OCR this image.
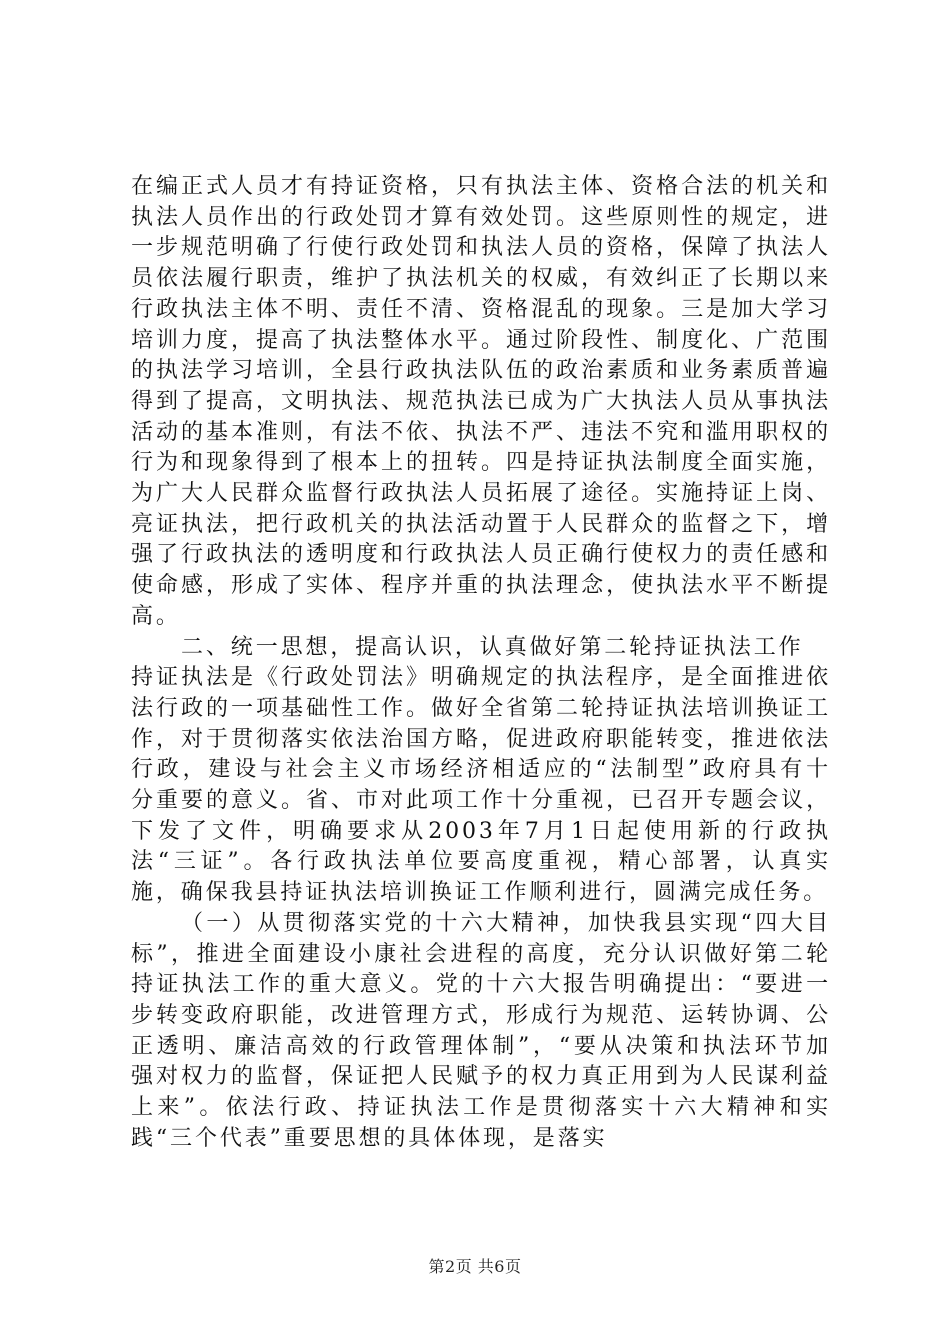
在编正式人员才有持证资格，只有执法主体、资格合法的机关和执法人员作出的行政处罚才算有效处罚。这些原则性的规定，进一步规范明确了行使行政处罚和执法人员的资格，保障了执法人员依法履行职责，维护了执法机关的权威，有效纠正了长期以来行政执法主体不明、责任不清、资格混乱的现象。三是加大学习培训力度，提高了执法整体水平。通过阶段性、制度化、广范围的执法学习培训，全县行政执法队伍的政治素质和业务素质普遍得到了提高，文明执法、规范执法已成为广大执法人员从事执法活动的基本准则，有法不依、执法不严、违法不究和滥用职权的行为和现象得到了根本上的扭转。四是持证执法制度全面实施，为广大人民群众监督行政执法人员拓展了途径。实施持证上岗、亮证执法，把行政机关的执法活动置于人民群众的监督之下，增强了行政执法的透明度和行政执法人员正确行使权力的责任感和使命感，形成了实体、程序并重的执法理念，使执法水平不断提高。

二、统一思想，提高认识，认真做好第二轮持证执法工作

持证执法是《行政处罚法》明确规定的执法程序，是全面推进依法行政的一项基础性工作。做好全省第二轮持证执法培训换证工作，对于贯彻落实依法治国方略，促进政府职能转变，推进依法行政，建设与社会主义市场经济相适应的“法制型”政府具有十分重要的意义。省、市对此项工作十分重视，已召开专题会议，下发了文件，明确要求从2003年7月1日起使用新的行政执法“三证”。各行政执法单位要高度重视，精心部署，认真实施，确保我县持证执法培训换证工作顺利进行，圆满完成任务。

（一）从贯彻落实党的十六大精神，加快我县实现“四大目标”，推进全面建设小康社会进程的高度，充分认识做好第二轮持证执法工作的重大意义。党的十六大报告明确提出：“要进一步转变政府职能，改进管理方式，形成行为规范、运转协调、公正透明、廉洁高效的行政管理体制”，“要从决策和执法环节加强对权力的监督，保证把人民赋予的权力真正用到为人民谋利益上来”。依法行政、持证执法工作是贯彻落实十六大精神和实践“三个代表”重要思想的具体体现，是落实

第2页 共6页
